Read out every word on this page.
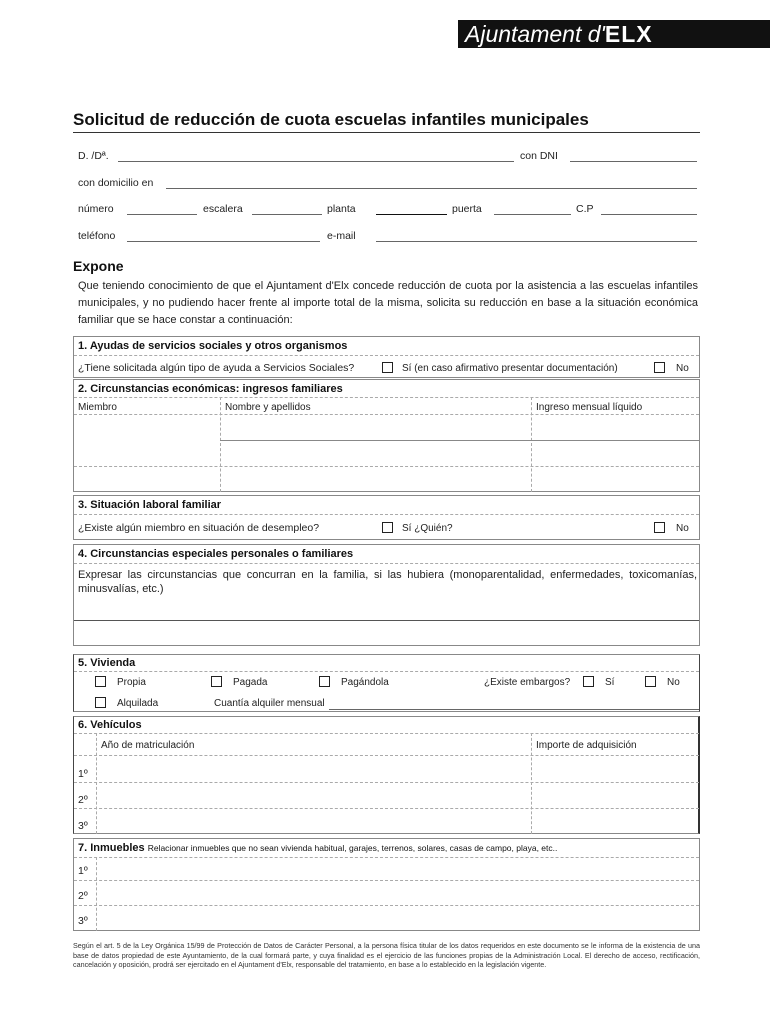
Ajuntament d'ELX
Solicitud de reducción de cuota escuelas infantiles municipales
D. /Dª.	con DNI
con domicilio en
número	escalera	planta	puerta	C.P
teléfono	e-mail
Expone
Que teniendo conocimiento de que el Ajuntament d'Elx concede reducción de cuota por la asistencia a las escuelas infantiles municipales, y no pudiendo hacer frente al importe total de la misma, solicita su reducción en base a la situación económica familiar que se hace constar a continuación:
1. Ayudas de servicios sociales y otros organismos
¿Tiene solicitada algún tipo de ayuda a Servicios Sociales?	Sí (en caso afirmativo presentar documentación)	No
2. Circunstancias económicas: ingresos familiares
Miembro	Nombre y apellidos	Ingreso mensual líquido
3. Situación laboral familiar
¿Existe algún miembro en situación de desempleo?	Sí ¿Quién?	No
4. Circunstancias especiales personales o familiares
Expresar las circunstancias que concurran en la familia, si las hubiera (monoparentalidad, enfermedades, toxicomanías, minusvalías, etc.)
5. Vivienda
Propia	Pagada	Pagándola	¿Existe embargos?	Sí	No
Alquilada	Cuantía alquiler mensual
6. Vehículos
Año de matriculación	Importe de adquisición
1º
2º
3º
7. Inmuebles Relacionar inmuebles que no sean vivienda habitual, garajes, terrenos, solares, casas de campo, playa, etc..
1º
2º
3º
Según el art. 5 de la Ley Orgánica 15/99 de Protección de Datos de Carácter Personal, a la persona física titular de los datos requeridos en este documento se le informa de la existencia de una base de datos propiedad de este Ayuntamiento, de la cual formará parte, y cuya finalidad es el ejercicio de las funciones propias de la Administración Local. El derecho de acceso, rectificación, cancelación y oposición, prodrá ser ejercitado en el Ajuntament d'Elx, responsable del tratamiento, en base a lo establecido en la legislación vigente.
